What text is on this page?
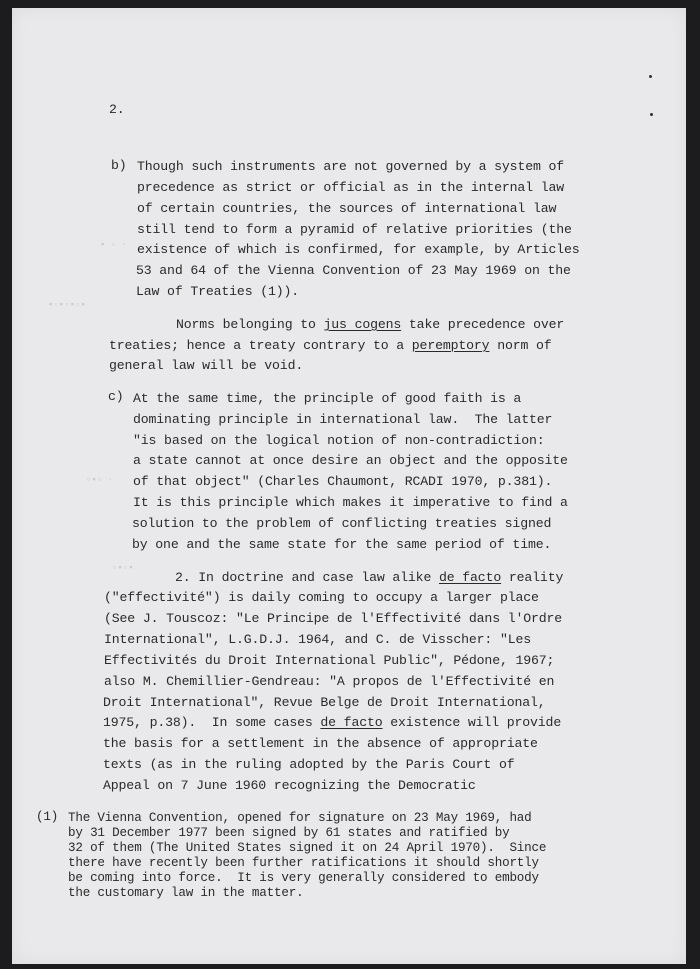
▪ ▫ ·
▪▫▪▫▪▫▪
▫▪▫ ·
▫▪▫▪
2.
b) Though such instruments are not governed by a system of
precedence as strict or official as in the internal law
of certain countries, the sources of international law
still tend to form a pyramid of relative priorities (the
existence of which is confirmed, for example, by Articles
53 and 64 of the Vienna Convention of 23 May 1969 on the
Law of Treaties (1)).
Norms belonging to jus cogens take precedence over
treaties; hence a treaty contrary to a peremptory norm of
general law will be void.
c) At the same time, the principle of good faith is a
dominating principle in international law.  The latter
"is based on the logical notion of non-contradiction:
a state cannot at once desire an object and the opposite
of that object" (Charles Chaumont, RCADI 1970, p.381).
It is this principle which makes it imperative to find a
solution to the problem of conflicting treaties signed
by one and the same state for the same period of time.
2. In doctrine and case law alike de facto reality
("effectivité") is daily coming to occupy a larger place
(See J. Touscoz: "Le Principe de l'Effectivité dans l'Ordre
International", L.G.D.J. 1964, and C. de Visscher: "Les
Effectivités du Droit International Public", Pédone, 1967;
also M. Chemillier-Gendreau: "A propos de l'Effectivité en
Droit International", Revue Belge de Droit International,
1975, p.38).  In some cases de facto existence will provide
the basis for a settlement in the absence of appropriate
texts (as in the ruling adopted by the Paris Court of
Appeal on 7 June 1960 recognizing the Democratic
(1) The Vienna Convention, opened for signature on 23 May 1969, had
by 31 December 1977 been signed by 61 states and ratified by
32 of them (The United States signed it on 24 April 1970).  Since
there have recently been further ratifications it should shortly
be coming into force.  It is very generally considered to embody
the customary law in the matter.
